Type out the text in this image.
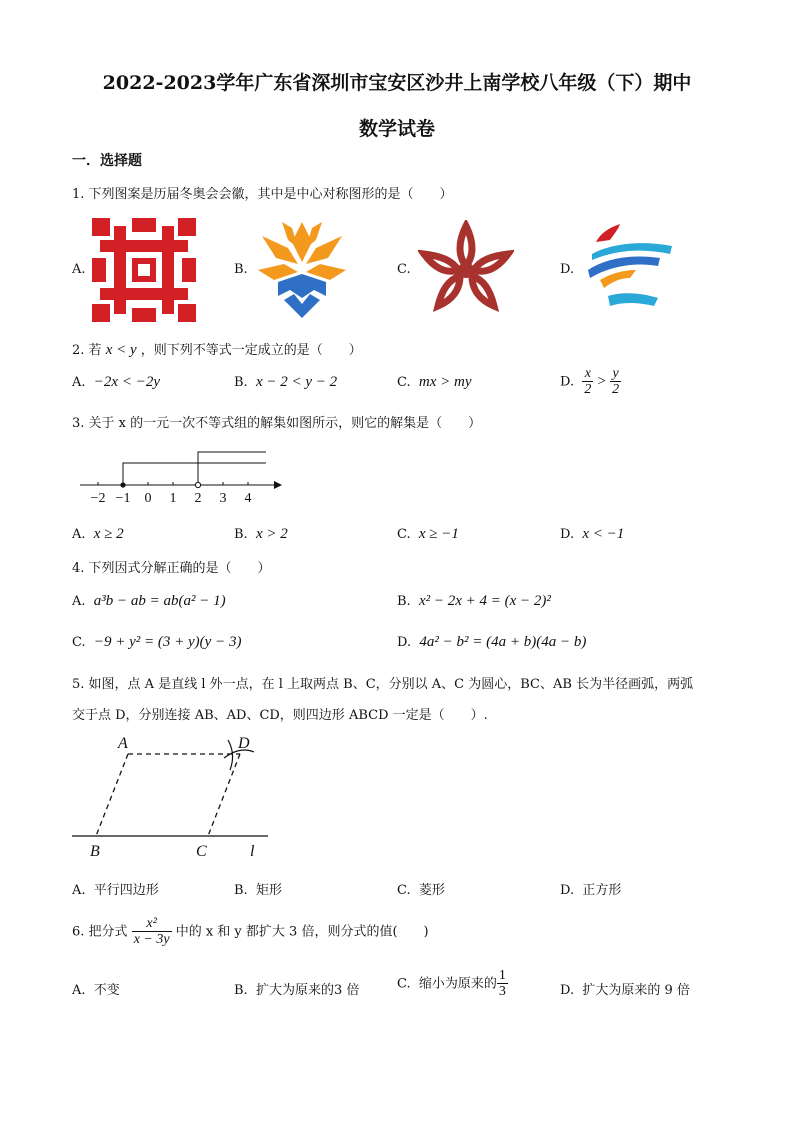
2022-2023学年广东省深圳市宝安区沙井上南学校八年级（下）期中
数学试卷
一．选择题
1. 下列图案是历届冬奥会会徽，其中是中心对称图形的是（　　）
A.	B.	C.	D.
2. 若 x < y ，则下列不等式一定成立的是（　　）
A. −2x < −2y	B. x − 2 < y − 2	C. mx > my	D. $\frac{x}{2} > \frac{y}{2}$
3. 关于 x 的一元一次不等式组的解集如图所示，则它的解集是（　　）
−2 −1 0 1 2 3 4
A. x ≥ 2	B. x > 2	C. x ≥ −1	D. x < −1
4. 下列因式分解正确的是（　　）
A. a³b − ab = ab(a² − 1)	B. x² − 2x + 4 = (x − 2)²
C. −9 + y² = (3 + y)(y − 3)	D. 4a² − b² = (4a + b)(4a − b)
5. 如图，点 A 是直线 l 外一点，在 l 上取两点 B、C，分别以 A、C 为圆心，BC、AB 长为半径画弧，两弧
交于点 D，分别连接 AB、AD、CD，则四边形 ABCD 一定是（　　）.
A	D
B	C	l
A. 平行四边形	B. 矩形	C. 菱形	D. 正方形
6. 把分式 $\frac{\text{x²}}{x - 3y}$ 中的 x 和 y 都扩大 3 倍，则分式的值(　　)
A. 不变	B. 扩大为原来的3 倍	C. 缩小为原来的 $\frac{1}{3}$	D. 扩大为原来的 9 倍
